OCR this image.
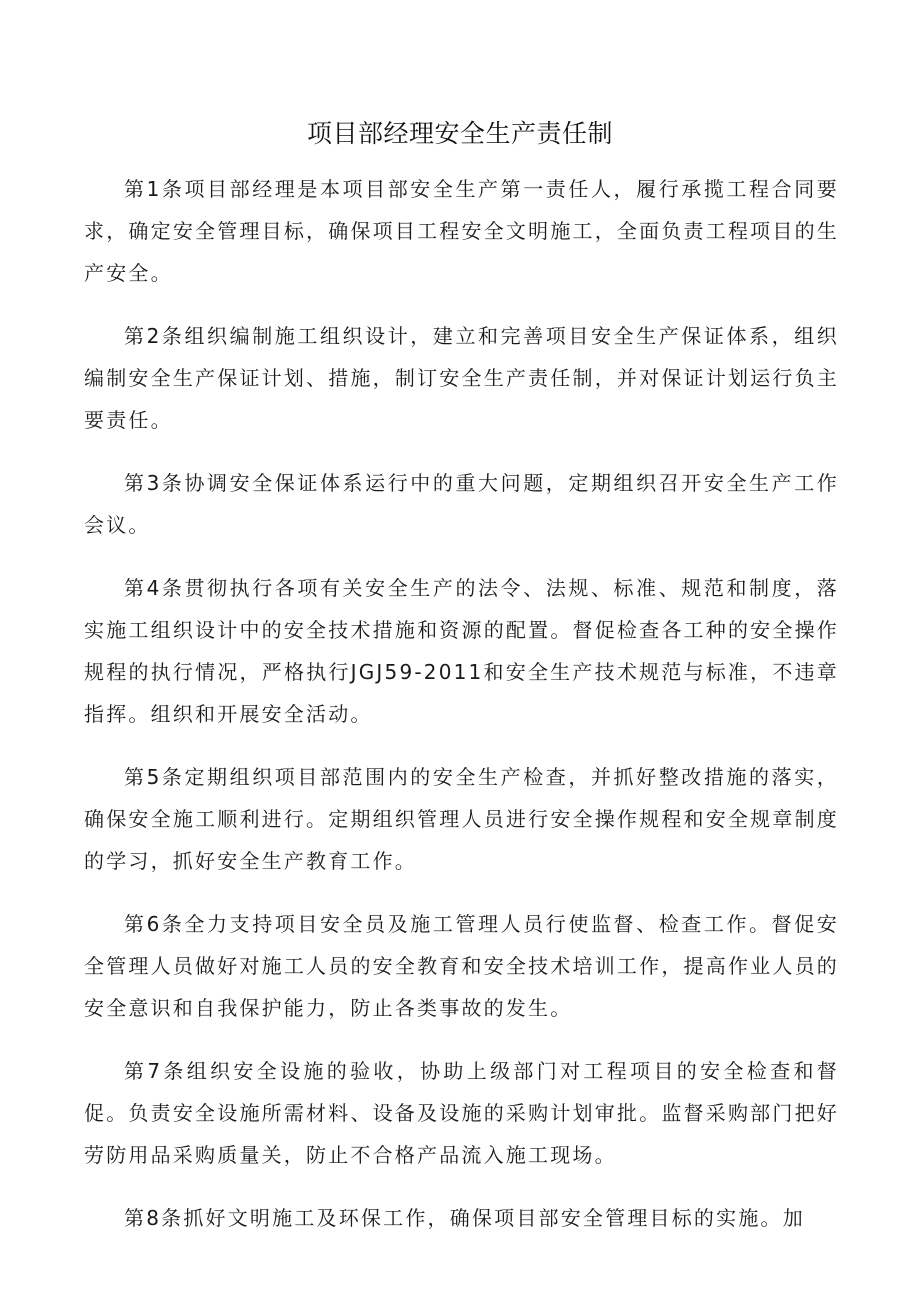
项目部经理安全生产责任制

第1条项目部经理是本项目部安全生产第一责任人，履行承揽工程合同要求，确定安全管理目标，确保项目工程安全文明施工，全面负责工程项目的生产安全。

第2条组织编制施工组织设计，建立和完善项目安全生产保证体系，组织编制安全生产保证计划、措施，制订安全生产责任制，并对保证计划运行负主要责任。

第3条协调安全保证体系运行中的重大问题，定期组织召开安全生产工作会议。

第4条贯彻执行各项有关安全生产的法令、法规、标准、规范和制度，落实施工组织设计中的安全技术措施和资源的配置。督促检查各工种的安全操作规程的执行情况，严格执行JGJ59-2011和安全生产技术规范与标准，不违章指挥。组织和开展安全活动。

第5条定期组织项目部范围内的安全生产检查，并抓好整改措施的落实，确保安全施工顺利进行。定期组织管理人员进行安全操作规程和安全规章制度的学习，抓好安全生产教育工作。

第6条全力支持项目安全员及施工管理人员行使监督、检查工作。督促安全管理人员做好对施工人员的安全教育和安全技术培训工作，提高作业人员的安全意识和自我保护能力，防止各类事故的发生。

第7条组织安全设施的验收，协助上级部门对工程项目的安全检查和督促。负责安全设施所需材料、设备及设施的采购计划审批。监督采购部门把好劳防用品采购质量关，防止不合格产品流入施工现场。

第8条抓好文明施工及环保工作，确保项目部安全管理目标的实施。加
